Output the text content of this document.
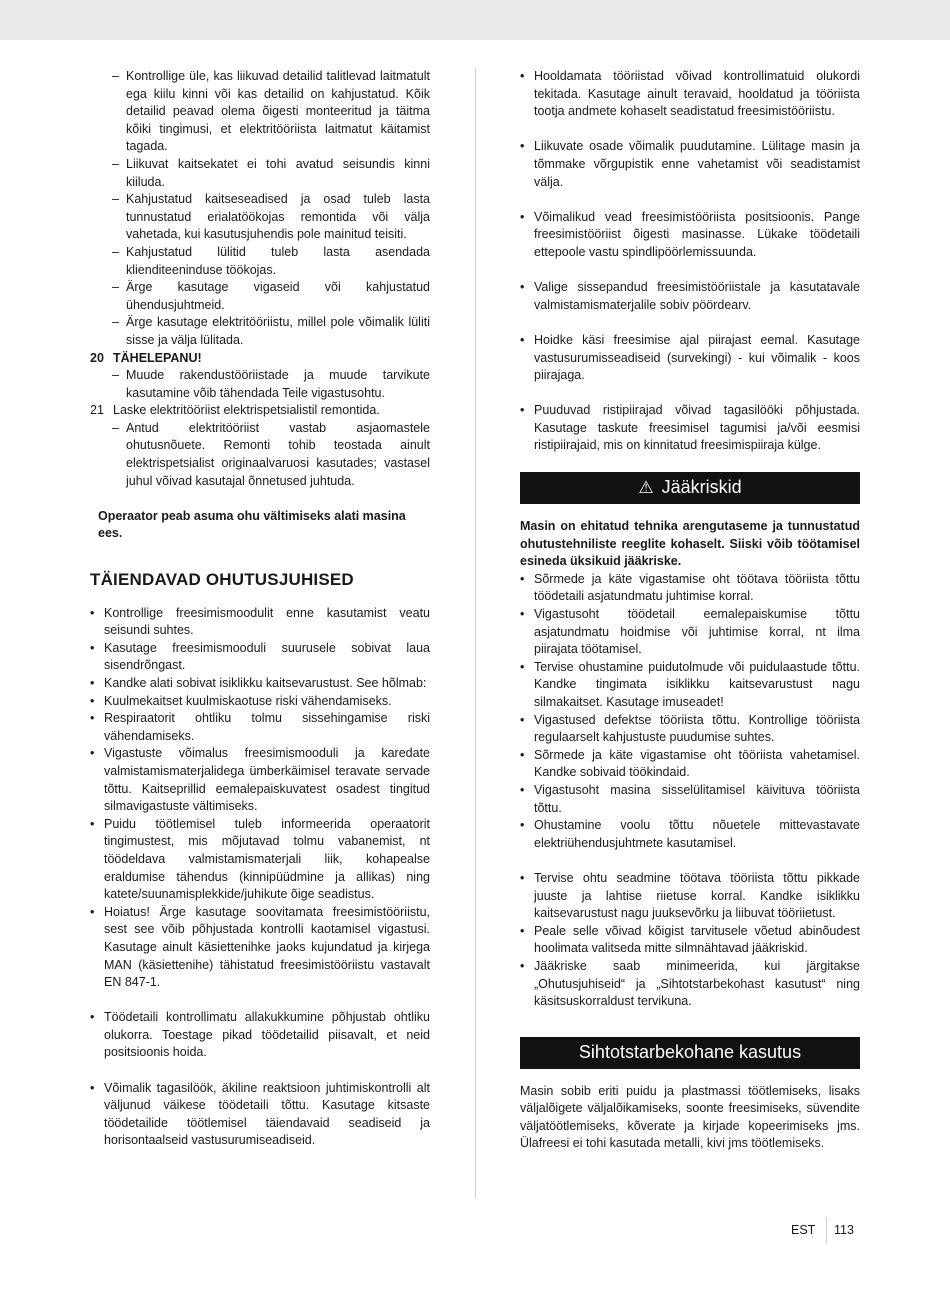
– Kontrollige üle, kas liikuvad detailid talitlevad laitmatult ega kiilu kinni või kas detailid on kahjustatud. Kõik detailid peavad olema õigesti monteeritud ja täitma kõiki tingimusi, et elektritööriista laitmatut käitamist tagada.
– Liikuvat kaitsekatet ei tohi avatud seisundis kinni kiiluda.
– Kahjustatud kaitseseadised ja osad tuleb lasta tunnustatud erialatöökojas remontida või välja vahetada, kui kasutusjuhendis pole mainitud teisiti.
– Kahjustatud lülitid tuleb lasta asendada klienditeeninduse töökojas.
– Ärge kasutage vigaseid või kahjustatud ühendusjuhtmeid.
– Ärge kasutage elektritööriistu, millel pole võimalik lüliti sisse ja välja lülitada.
20 TÄHELEPANU!
– Muude rakendustööriistade ja muude tarvikute kasutamine võib tähendada Teile vigastusohtu.
21 Laske elektritööriist elektrispetsialistil remontida.
– Antud elektritööriist vastab asjaomastele ohutusnõuete. Remonti tohib teostada ainult elektrispetsialist originaalvaruosi kasutades; vastasel juhul võivad kasutajal õnnetused juhtuda.
Operaator peab asuma ohu vältimiseks alati masina ees.
TÄIENDAVAD OHUTUSJUHISED
• Kontrollige freesimismoodulit enne kasutamist veatu seisundi suhtes.
• Kasutage freesimismooduli suurusele sobivat laua sisendrõngast.
• Kandke alati sobivat isiklikku kaitsevarustust. See hõlmab:
• Kuulmekaitset kuulmiskaotuse riski vähendamiseks.
• Respiraatorit ohtliku tolmu sissehingamise riski vähendamiseks.
• Vigastuste võimalus freesimismooduli ja karedate valmistamismaterjalidega ümberkäimisel teravate servade tõttu. Kaitseprillid eemalepaiskuvatest osadest tingitud silmavigastuste vältimiseks.
• Puidu töötlemisel tuleb informeerida operaatorit tingimustest, mis mõjutavad tolmu vabanemist, nt töödeldava valmistamismaterjali liik, kohapealse eraldumise tähendus (kinnipüüdmine ja allikas) ning katete/suunamisplekkide/juhikute õige seadistus.
• Hoiatus! Ärge kasutage soovitamata freesimistööriistu, sest see võib põhjustada kontrolli kaotamisel vigastusi. Kasutage ainult käsiettenihke jaoks kujundatud ja kirjega MAN (käsiettenihe) tähistatud freesimistööriistu vastavalt EN 847-1.
• Töödetaili kontrollimatu allakukkumine põhjustab ohtliku olukorra. Toestage pikad töödetailid piisavalt, et neid positsioonis hoida.
• Võimalik tagasilöök, äkiline reaktsioon juhtimiskontrolli alt väljunud väikese töödetaili tõttu. Kasutage kitsaste töödetailide töötlemisel täiendavaid seadiseid ja horisontaalseid vastusurumiseadiseid.
• Hooldamata tööriistad võivad kontrollimatuid olukordi tekitada. Kasutage ainult teravaid, hooldatud ja tööriista tootja andmete kohaselt seadistatud freesimistööriistu.
• Liikuvate osade võimalik puudutamine. Lülitage masin ja tõmmake võrgupistik enne vahetamist või seadistamist välja.
• Võimalikud vead freesimistööriista positsioonis. Pange freesimistööriist õigesti masinasse. Lükake töödetaili ettepoole vastu spindlipöörlemissuunda.
• Valige sissepandud freesimistööriistale ja kasutatavale valmistamismaterjalile sobiv pöördearv.
• Hoidke käsi freesimise ajal piirajast eemal. Kasutage vastusurumisseadiseid (survekingi) - kui võimalik - koos piirajaga.
• Puuduvad ristipiirajad võivad tagasilööki põhjustada. Kasutage taskute freesimisel tagumisi ja/või eesmisi ristipiirajaid, mis on kinnitatud freesimispiiraja külge.
⚠ Jääkriskid
Masin on ehitatud tehnika arengutaseme ja tunnustatud ohutustehniliste reeglite kohaselt. Siiski võib töötamisel esineda üksikuid jääkriske.
• Sõrmede ja käte vigastamise oht töötava tööriista tõttu töödetaili asjatundmatu juhtimise korral.
• Vigastusoht töödetail eemalepaiskumise tõttu asjatundmatu hoidmise või juhtimise korral, nt ilma piirajata töötamisel.
• Tervise ohustamine puidutolmude või puidulaastude tõttu. Kandke tingimata isiklikku kaitsevarustust nagu silmakaitset. Kasutage imuseadet!
• Vigastused defektse tööriista tõttu. Kontrollige tööriista regulaarselt kahjustuste puudumise suhtes.
• Sõrmede ja käte vigastamise oht tööriista vahetamisel. Kandke sobivaid töökindaid.
• Vigastusoht masina sisselülitamisel käivituva tööriista tõttu.
• Ohustamine voolu tõttu nõuetele mittevastavate elektriühendusjuhtmete kasutamisel.
• Tervise ohtu seadmine töötava tööriista tõttu pikkade juuste ja lahtise riietuse korral. Kandke isiklikku kaitsevarustust nagu juuksevõrku ja liibuvat tööriietust.
• Peale selle võivad kõigist tarvitusele võetud abinõudest hoolimata valitseda mitte silmnähtavad jääkriskid.
• Jääkriske saab minimeerida, kui järgitakse „Ohutusjuhiseid“ ja „Sihtotstarbekohast kasutust“ ning käsitsuskorraldust tervikuna.
Sihtotstarbekohane kasutus
Masin sobib eriti puidu ja plastmassi töötlemiseks, lisaks väljalõigete väljalõikamiseks, soonte freesimiseks, süvendite väljatöötlemiseks, kõverate ja kirjade kopeerimiseks jms. Ülafreesi ei tohi kasutada metalli, kivi jms töötlemiseks.
EST 113
